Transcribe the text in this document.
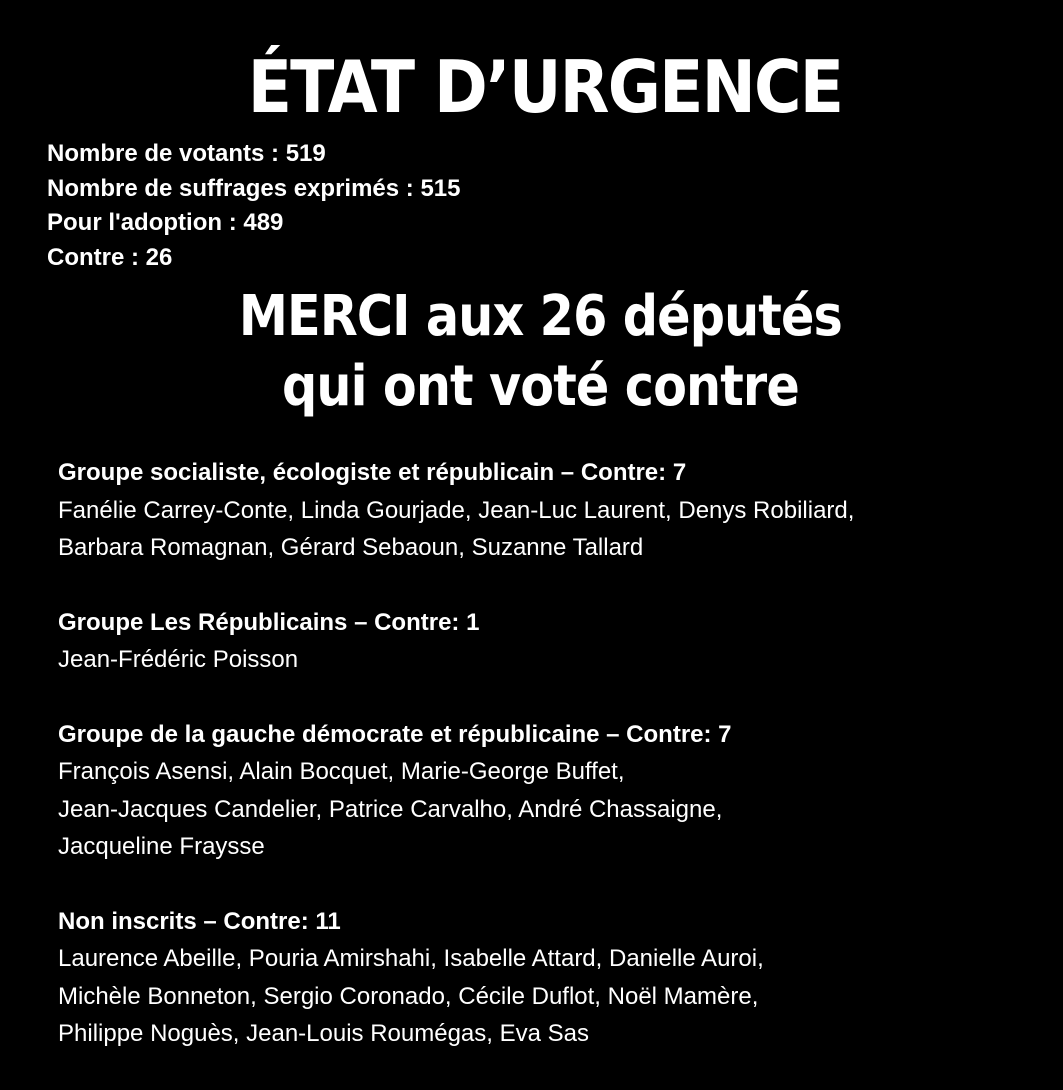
ÉTAT D’URGENCE
Nombre de votants : 519
Nombre de suffrages exprimés : 515
Pour l'adoption : 489
Contre : 26
MERCI aux 26 députés
qui ont voté contre
Groupe socialiste, écologiste et républicain – Contre: 7
Fanélie Carrey-Conte, Linda Gourjade, Jean-Luc Laurent, Denys Robiliard,
Barbara Romagnan, Gérard Sebaoun, Suzanne Tallard
Groupe Les Républicains – Contre: 1
Jean-Frédéric Poisson
Groupe de la gauche démocrate et républicaine – Contre: 7
François Asensi, Alain Bocquet, Marie-George Buffet,
Jean-Jacques Candelier, Patrice Carvalho, André Chassaigne,
Jacqueline Fraysse
Non inscrits – Contre: 11
Laurence Abeille, Pouria Amirshahi, Isabelle Attard, Danielle Auroi,
Michèle Bonneton, Sergio Coronado, Cécile Duflot, Noël Mamère,
Philippe Noguès, Jean-Louis Roumégas, Eva Sas
